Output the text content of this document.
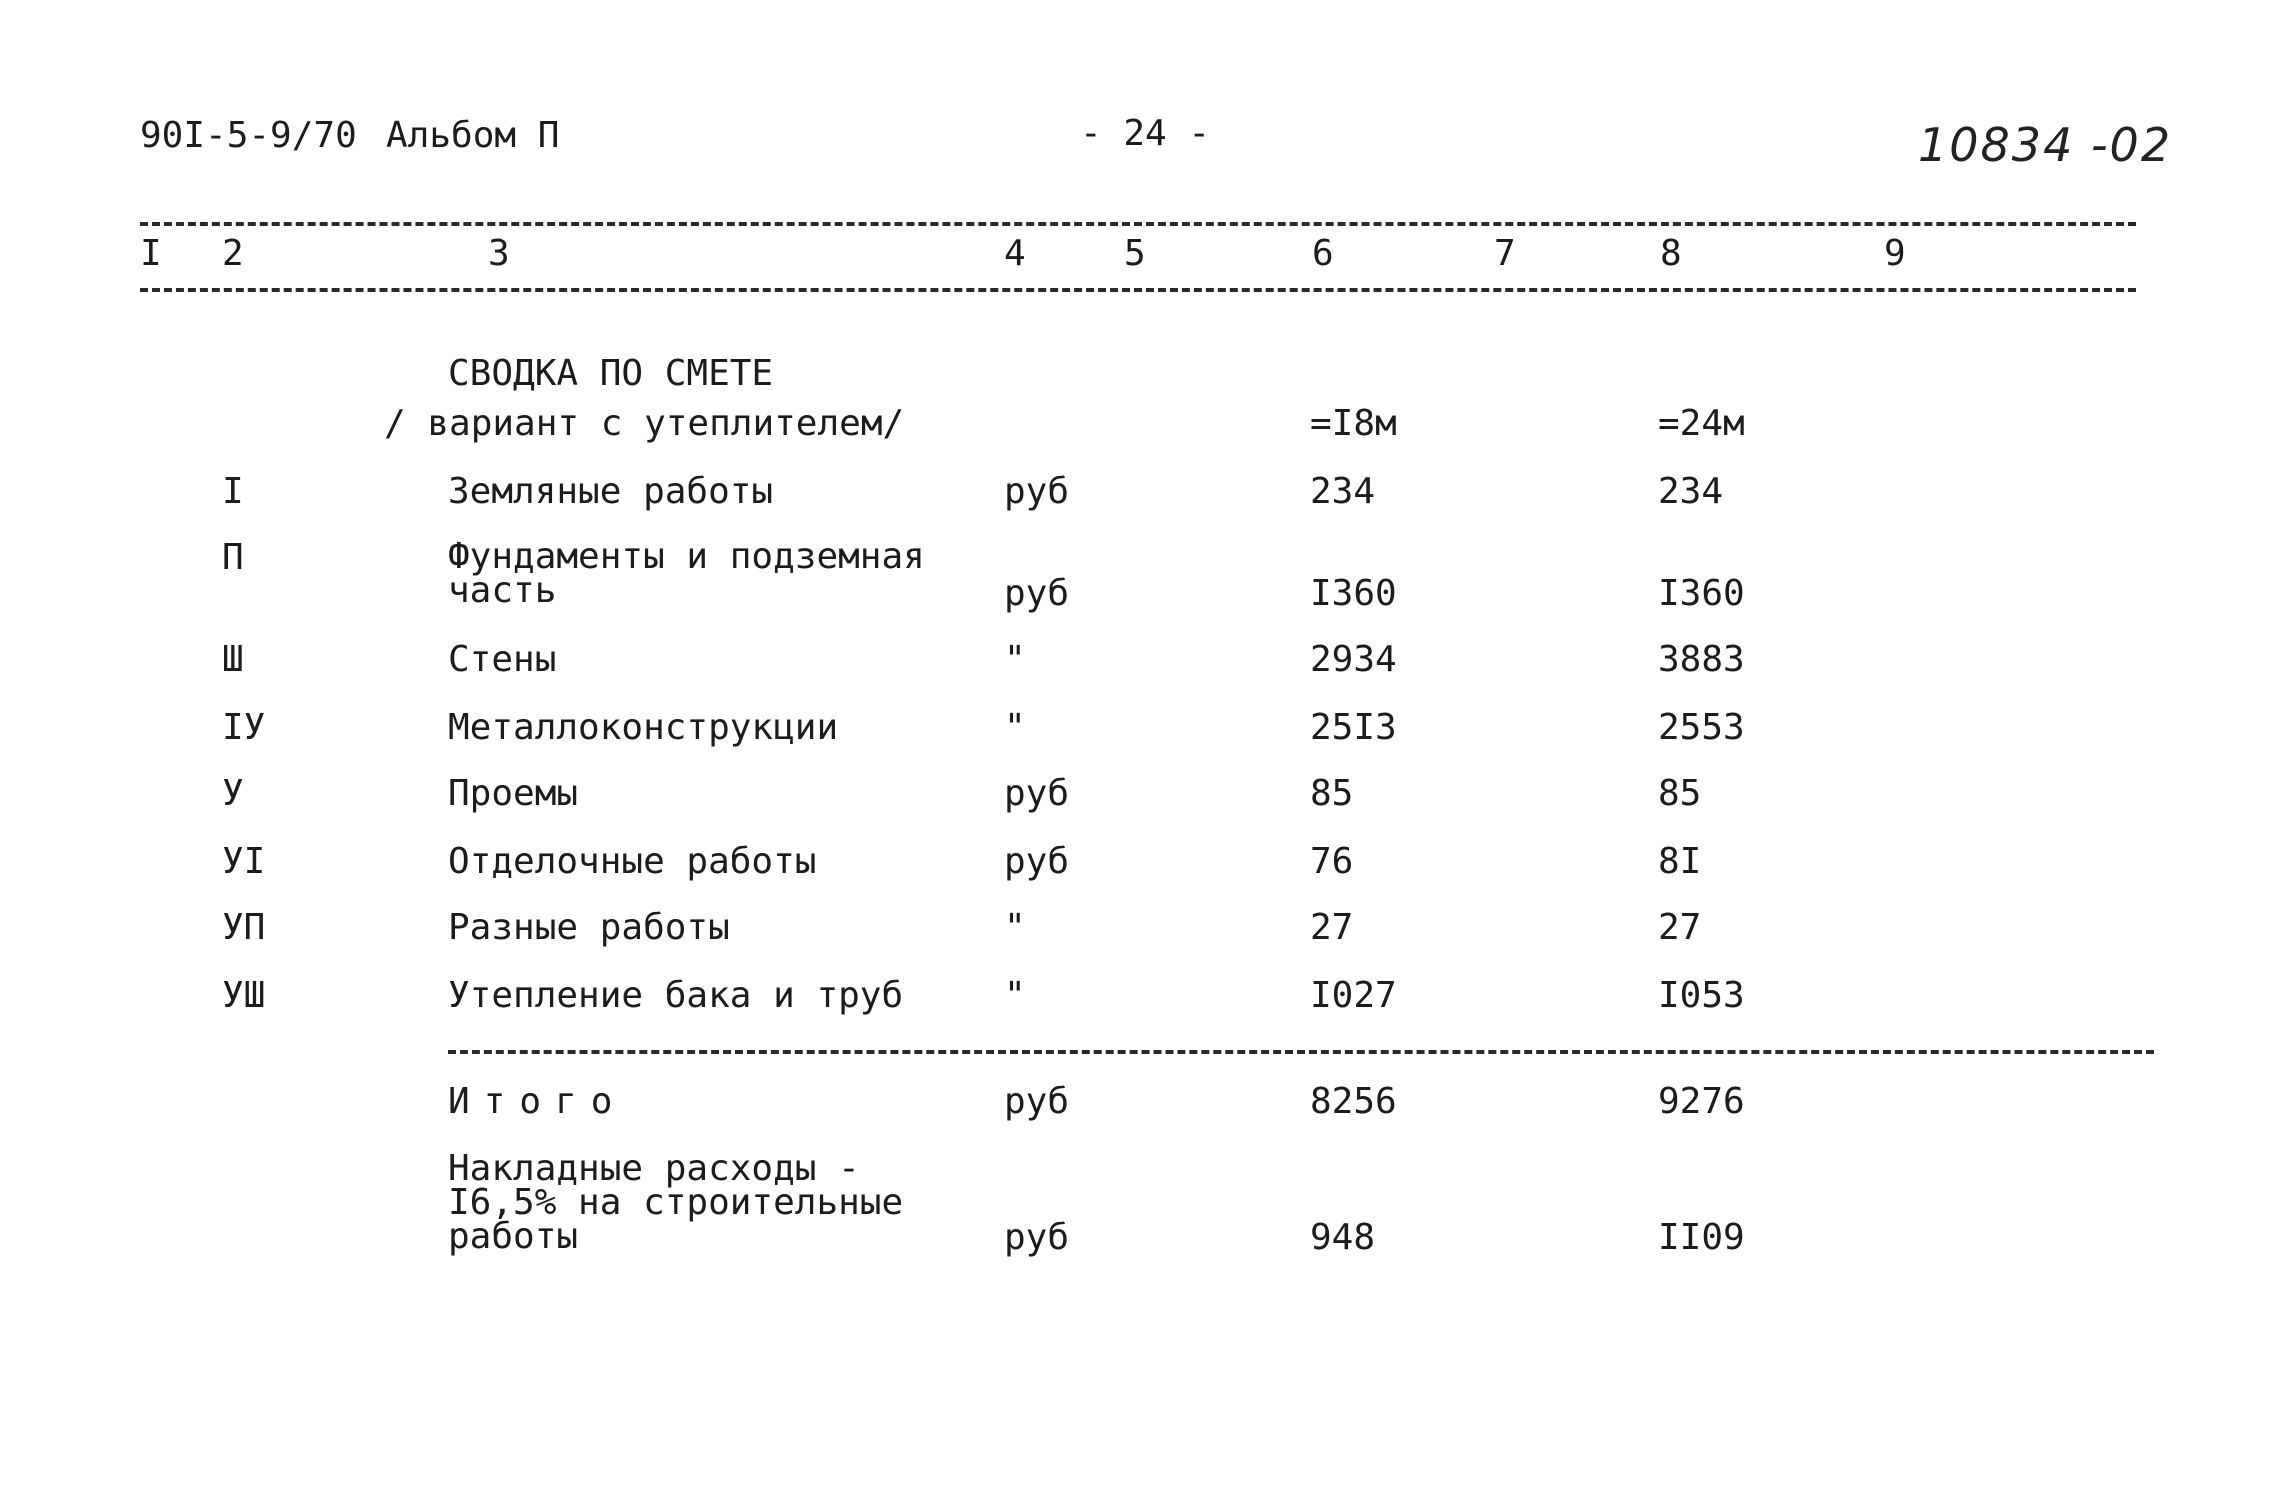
90I-5-9/70 Альбом П	- 24 -	10834 -02
I 2	3	4	5	6	7	8	9
СВОДКА ПО СМЕТЕ
/ вариант с утеплителем/	=I8м	=24м
I	Земляные работы	руб	234	234
П	Фундаменты и подземная
часть	руб	I360	I360
Ш	Стены	"	2934	3883
IУ	Металлоконструкции	"	25I3	2553
У	Проемы	руб	85	85
УI	Отделочные работы	руб	76	8I
УП	Разные работы	"	27	27
УШ	Утепление бака и труб	"	I027	I053
Итого	руб	8256	9276
Накладные расходы -
I6,5% на строительные
работы	руб	948	II09
